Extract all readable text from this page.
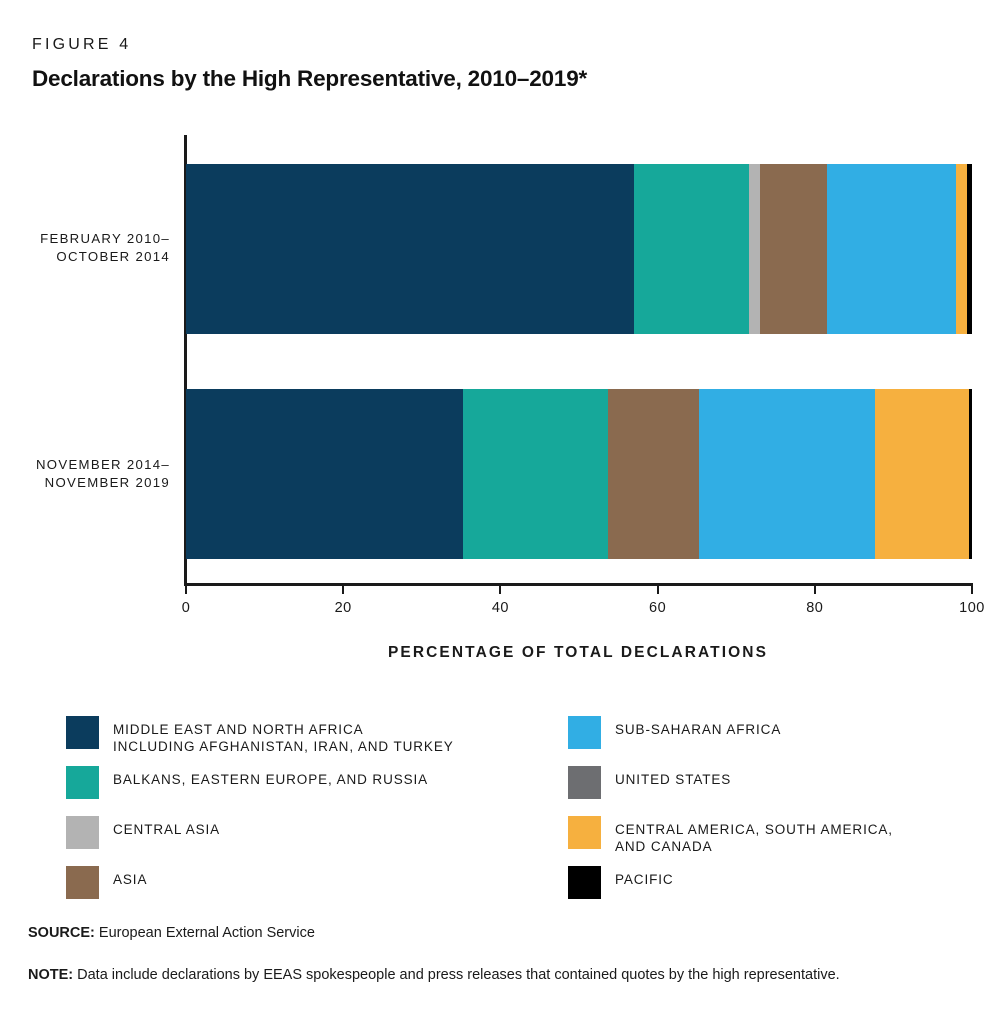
FIGURE 4
Declarations by the High Representative, 2010–2019*
FEBRUARY 2010–
OCTOBER 2014
NOVEMBER 2014–
NOVEMBER 2019
0	20	40	60	80	100
PERCENTAGE OF TOTAL DECLARATIONS
MIDDLE EAST AND NORTH AFRICA
INCLUDING AFGHANISTAN, IRAN, AND TURKEY
SUB-SAHARAN AFRICA
BALKANS, EASTERN EUROPE, AND RUSSIA	UNITED STATES
CENTRAL ASIA	CENTRAL AMERICA, SOUTH AMERICA,
AND CANADA
ASIA	PACIFIC
SOURCE: European External Action Service
NOTE: Data include declarations by EEAS spokespeople and press releases that contained quotes by the high representative.
